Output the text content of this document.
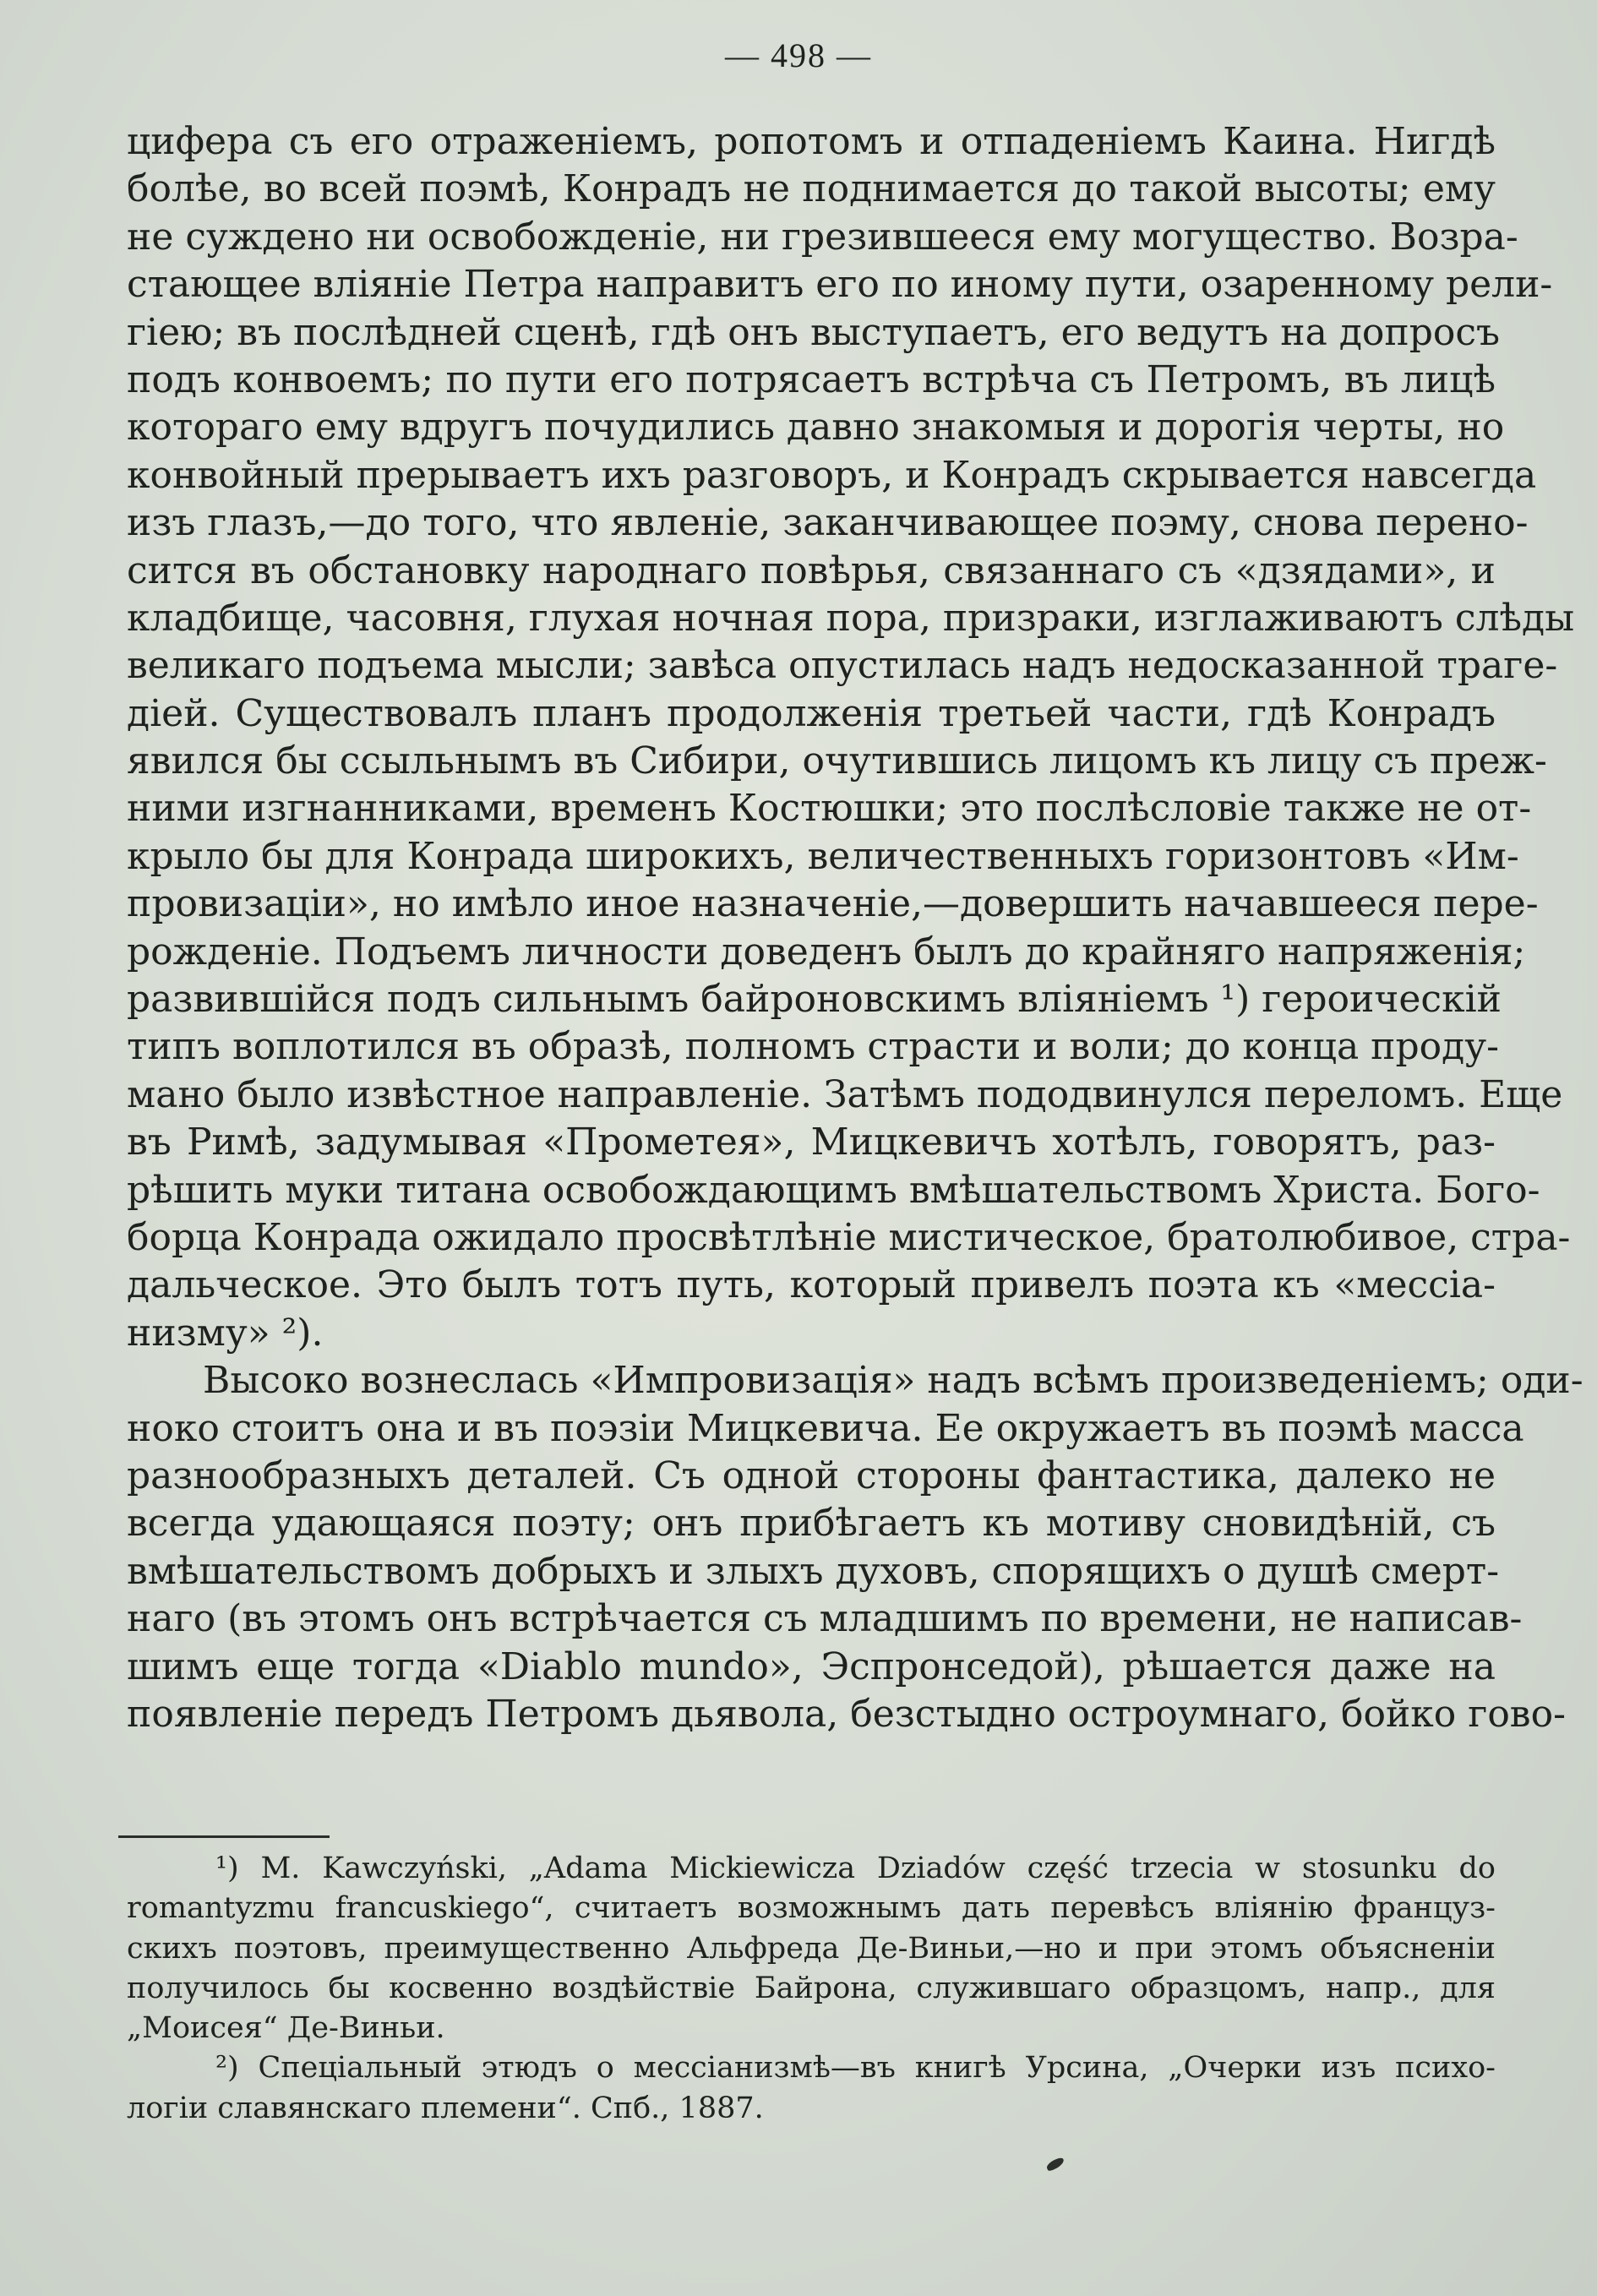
— 498 —
цифера съ его отраженіемъ, ропотомъ и отпаденіемъ Каина. Нигдѣ
болѣе, во всей поэмѣ, Конрадъ не поднимается до такой высоты; ему
не суждено ни освобожденіе, ни грезившееся ему могущество. Возра-
стающее вліяніе Петра направитъ его по иному пути, озаренному рели-
гіею; въ послѣдней сценѣ, гдѣ онъ выступаетъ, его ведутъ на допросъ
подъ конвоемъ; по пути его потрясаетъ встрѣча съ Петромъ, въ лицѣ
котораго ему вдругъ почудились давно знакомыя и дорогія черты, но
конвойный прерываетъ ихъ разговоръ, и Конрадъ скрывается навсегда
изъ глазъ,—до того, что явленіе, заканчивающее поэму, снова перено-
сится въ обстановку народнаго повѣрья, связаннаго съ «дзядами», и
кладбище, часовня, глухая ночная пора, призраки, изглаживаютъ слѣды
великаго подъема мысли; завѣса опустилась надъ недосказанной траге-
діей. Существовалъ планъ продолженія третьей части, гдѣ Конрадъ
явился бы ссыльнымъ въ Сибири, очутившись лицомъ къ лицу съ преж-
ними изгнанниками, временъ Костюшки; это послѣсловіе также не от-
крыло бы для Конрада широкихъ, величественныхъ горизонтовъ «Им-
провизаціи», но имѣло иное назначеніе,—довершить начавшееся пере-
рожденіе. Подъемъ личности доведенъ былъ до крайняго напряженія;
развившійся подъ сильнымъ байроновскимъ вліяніемъ ¹) героическій
типъ воплотился въ образѣ, полномъ страсти и воли; до конца проду-
мано было извѣстное направленіе. Затѣмъ пододвинулся переломъ. Еще
въ Римѣ, задумывая «Прометея», Мицкевичъ хотѣлъ, говорятъ, раз-
рѣшить муки титана освобождающимъ вмѣшательствомъ Христа. Бого-
борца Конрада ожидало просвѣтлѣніе мистическое, братолюбивое, стра-
дальческое. Это былъ тотъ путь, который привелъ поэта къ «мессіа-
низму» ²).
Высоко вознеслась «Импровизація» надъ всѣмъ произведеніемъ; оди-
ноко стоитъ она и въ поэзіи Мицкевича. Ее окружаетъ въ поэмѣ масса
разнообразныхъ деталей. Съ одной стороны фантастика, далеко не
всегда удающаяся поэту; онъ прибѣгаетъ къ мотиву сновидѣній, съ
вмѣшательствомъ добрыхъ и злыхъ духовъ, спорящихъ о душѣ смерт-
наго (въ этомъ онъ встрѣчается съ младшимъ по времени, не написав-
шимъ еще тогда «Diablo mundo», Эспронседой), рѣшается даже на
появленіе передъ Петромъ дьявола, безстыдно остроумнаго, бойко гово-
¹) M. Kawczyński, „Adama Mickiewicza Dziadów część trzecia w stosunku do
romantyzmu francuskiego“, считаетъ возможнымъ дать перевѣсъ вліянію француз-
скихъ поэтовъ, преимущественно Альфреда Де-Виньи,—но и при этомъ объясненіи
получилось бы косвенно воздѣйствіе Байрона, служившаго образцомъ, напр., для
„Моисея“ Де-Виньи.
²) Спеціальный этюдъ о мессіанизмѣ—въ книгѣ Урсина, „Очерки изъ психо-
логіи славянскаго племени“. Спб., 1887.
